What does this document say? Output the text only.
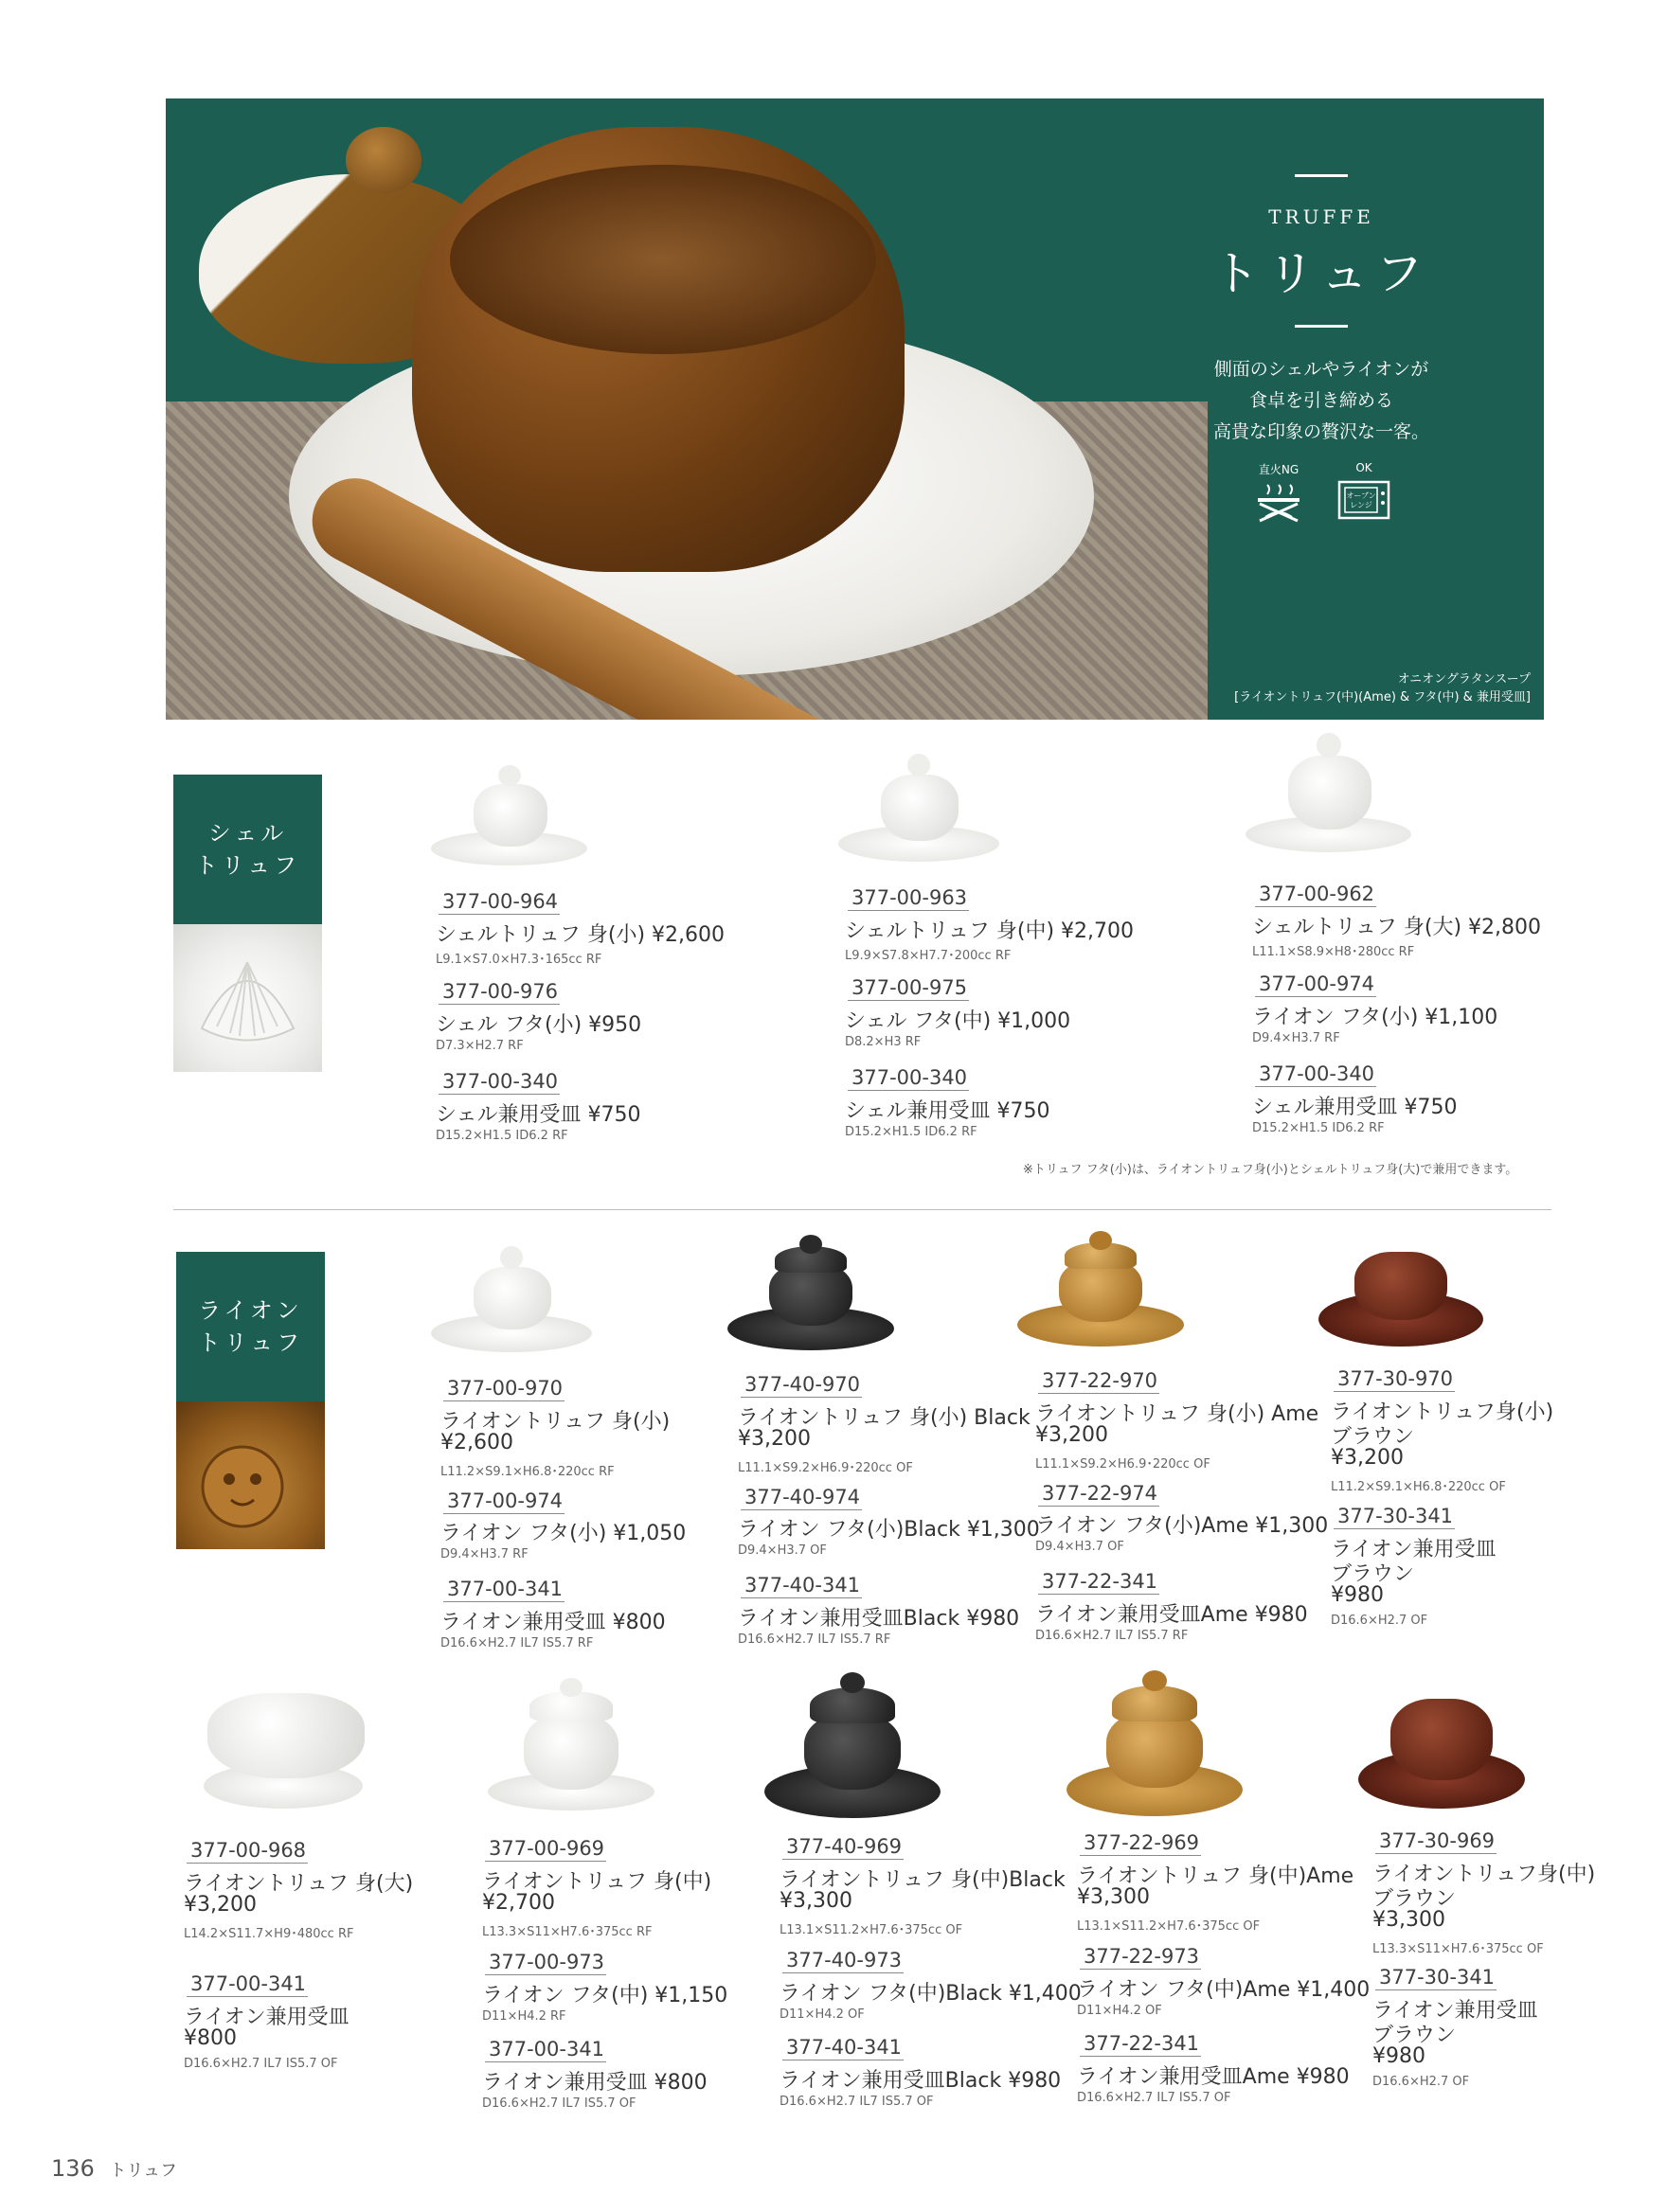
TRUFFE
トリュフ
側面のシェルやライオンが
食卓を引き締める
高貴な印象の贅沢な一客。
直火NG	OK
オーブン
レンジ
オニオングラタンスープ
[ライオントリュフ(中)(Ame) & フタ(中) & 兼用受皿]
シェル
トリュフ
377-00-964
シェルトリュフ 身(小) ¥2,600
L9.1×S7.0×H7.3･165cc RF
377-00-976
シェル フタ(小) ¥950
D7.3×H2.7 RF
377-00-340
シェル兼用受皿 ¥750
D15.2×H1.5 ID6.2 RF
377-00-963
シェルトリュフ 身(中) ¥2,700
L9.9×S7.8×H7.7･200cc RF
377-00-975
シェル フタ(中) ¥1,000
D8.2×H3 RF
377-00-340
シェル兼用受皿 ¥750
D15.2×H1.5 ID6.2 RF
377-00-962
シェルトリュフ 身(大) ¥2,800
L11.1×S8.9×H8･280cc RF
377-00-974
ライオン フタ(小) ¥1,100
D9.4×H3.7 RF
377-00-340
シェル兼用受皿 ¥750
D15.2×H1.5 ID6.2 RF
※トリュフ フタ(小)は、ライオントリュフ身(小)とシェルトリュフ身(大)で兼用できます。
ライオン
トリュフ
377-00-970
ライオントリュフ 身(小)
¥2,600
L11.2×S9.1×H6.8･220cc RF
377-00-974
ライオン フタ(小) ¥1,050
D9.4×H3.7 RF
377-00-341
ライオン兼用受皿 ¥800
D16.6×H2.7 IL7 IS5.7 RF
377-40-970
ライオントリュフ 身(小) Black
¥3,200
L11.1×S9.2×H6.9･220cc OF
377-40-974
ライオン フタ(小)Black ¥1,300
D9.4×H3.7 OF
377-40-341
ライオン兼用受皿Black ¥980
D16.6×H2.7 IL7 IS5.7 RF
377-22-970
ライオントリュフ 身(小) Ame
¥3,200
L11.1×S9.2×H6.9･220cc OF
377-22-974
ライオン フタ(小)Ame ¥1,300
D9.4×H3.7 OF
377-22-341
ライオン兼用受皿Ame ¥980
D16.6×H2.7 IL7 IS5.7 RF
377-30-970
ライオントリュフ身(小)
ブラウン
¥3,200
L11.2×S9.1×H6.8･220cc OF
377-30-341
ライオン兼用受皿
ブラウン
¥980
D16.6×H2.7 OF
377-00-968
ライオントリュフ 身(大)
¥3,200
L14.2×S11.7×H9･480cc RF
377-00-341
ライオン兼用受皿
¥800
D16.6×H2.7 IL7 IS5.7 OF
377-00-969
ライオントリュフ 身(中)
¥2,700
L13.3×S11×H7.6･375cc RF
377-00-973
ライオン フタ(中) ¥1,150
D11×H4.2 RF
377-00-341
ライオン兼用受皿 ¥800
D16.6×H2.7 IL7 IS5.7 OF
377-40-969
ライオントリュフ 身(中)Black
¥3,300
L13.1×S11.2×H7.6･375cc OF
377-40-973
ライオン フタ(中)Black ¥1,400
D11×H4.2 OF
377-40-341
ライオン兼用受皿Black ¥980
D16.6×H2.7 IL7 IS5.7 OF
377-22-969
ライオントリュフ 身(中)Ame
¥3,300
L13.1×S11.2×H7.6･375cc OF
377-22-973
ライオン フタ(中)Ame ¥1,400
D11×H4.2 OF
377-22-341
ライオン兼用受皿Ame ¥980
D16.6×H2.7 IL7 IS5.7 OF
377-30-969
ライオントリュフ身(中)
ブラウン
¥3,300
L13.3×S11×H7.6･375cc OF
377-30-341
ライオン兼用受皿
ブラウン
¥980
D16.6×H2.7 OF
136 トリュフ
